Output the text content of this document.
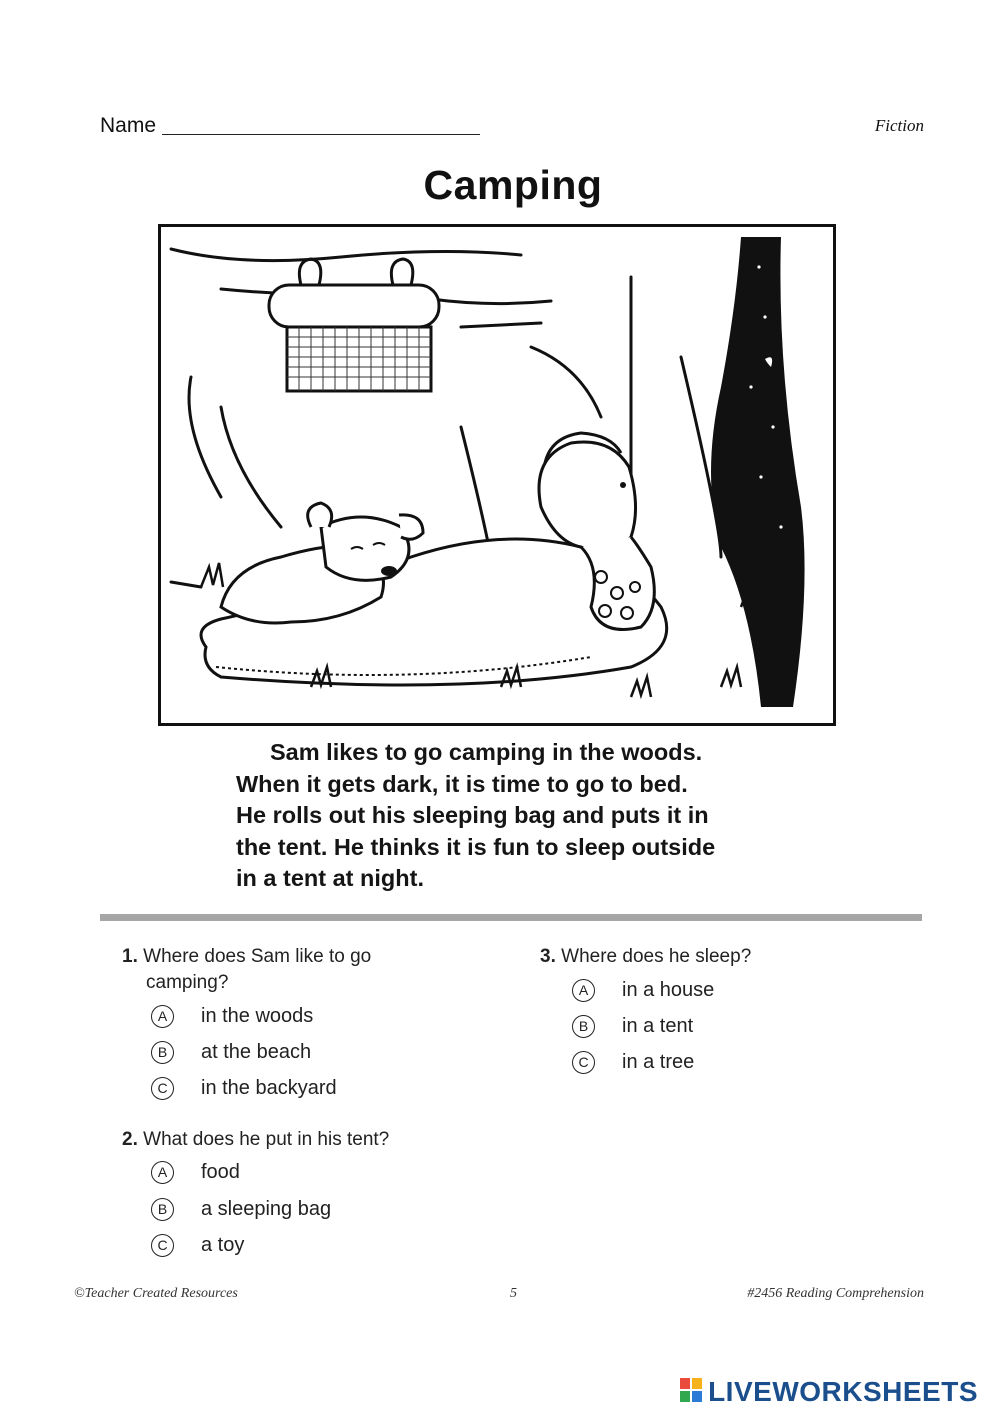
Name	Fiction
Camping
Sam likes to go camping in the woods.
When it gets dark, it is time to go to bed.
He rolls out his sleeping bag and puts it in
the tent. He thinks it is fun to sleep outside
in a tent at night.
1. Where does Sam like to go
camping?
A	in the woods
B	at the beach
C	in the backyard
2. What does he put in his tent?
A	food
B	a sleeping bag
C	a toy
3. Where does he sleep?
A	in a house
B	in a tent
C	in a tree
©Teacher Created Resources	5	#2456 Reading Comprehension
LIVEWORKSHEETS
